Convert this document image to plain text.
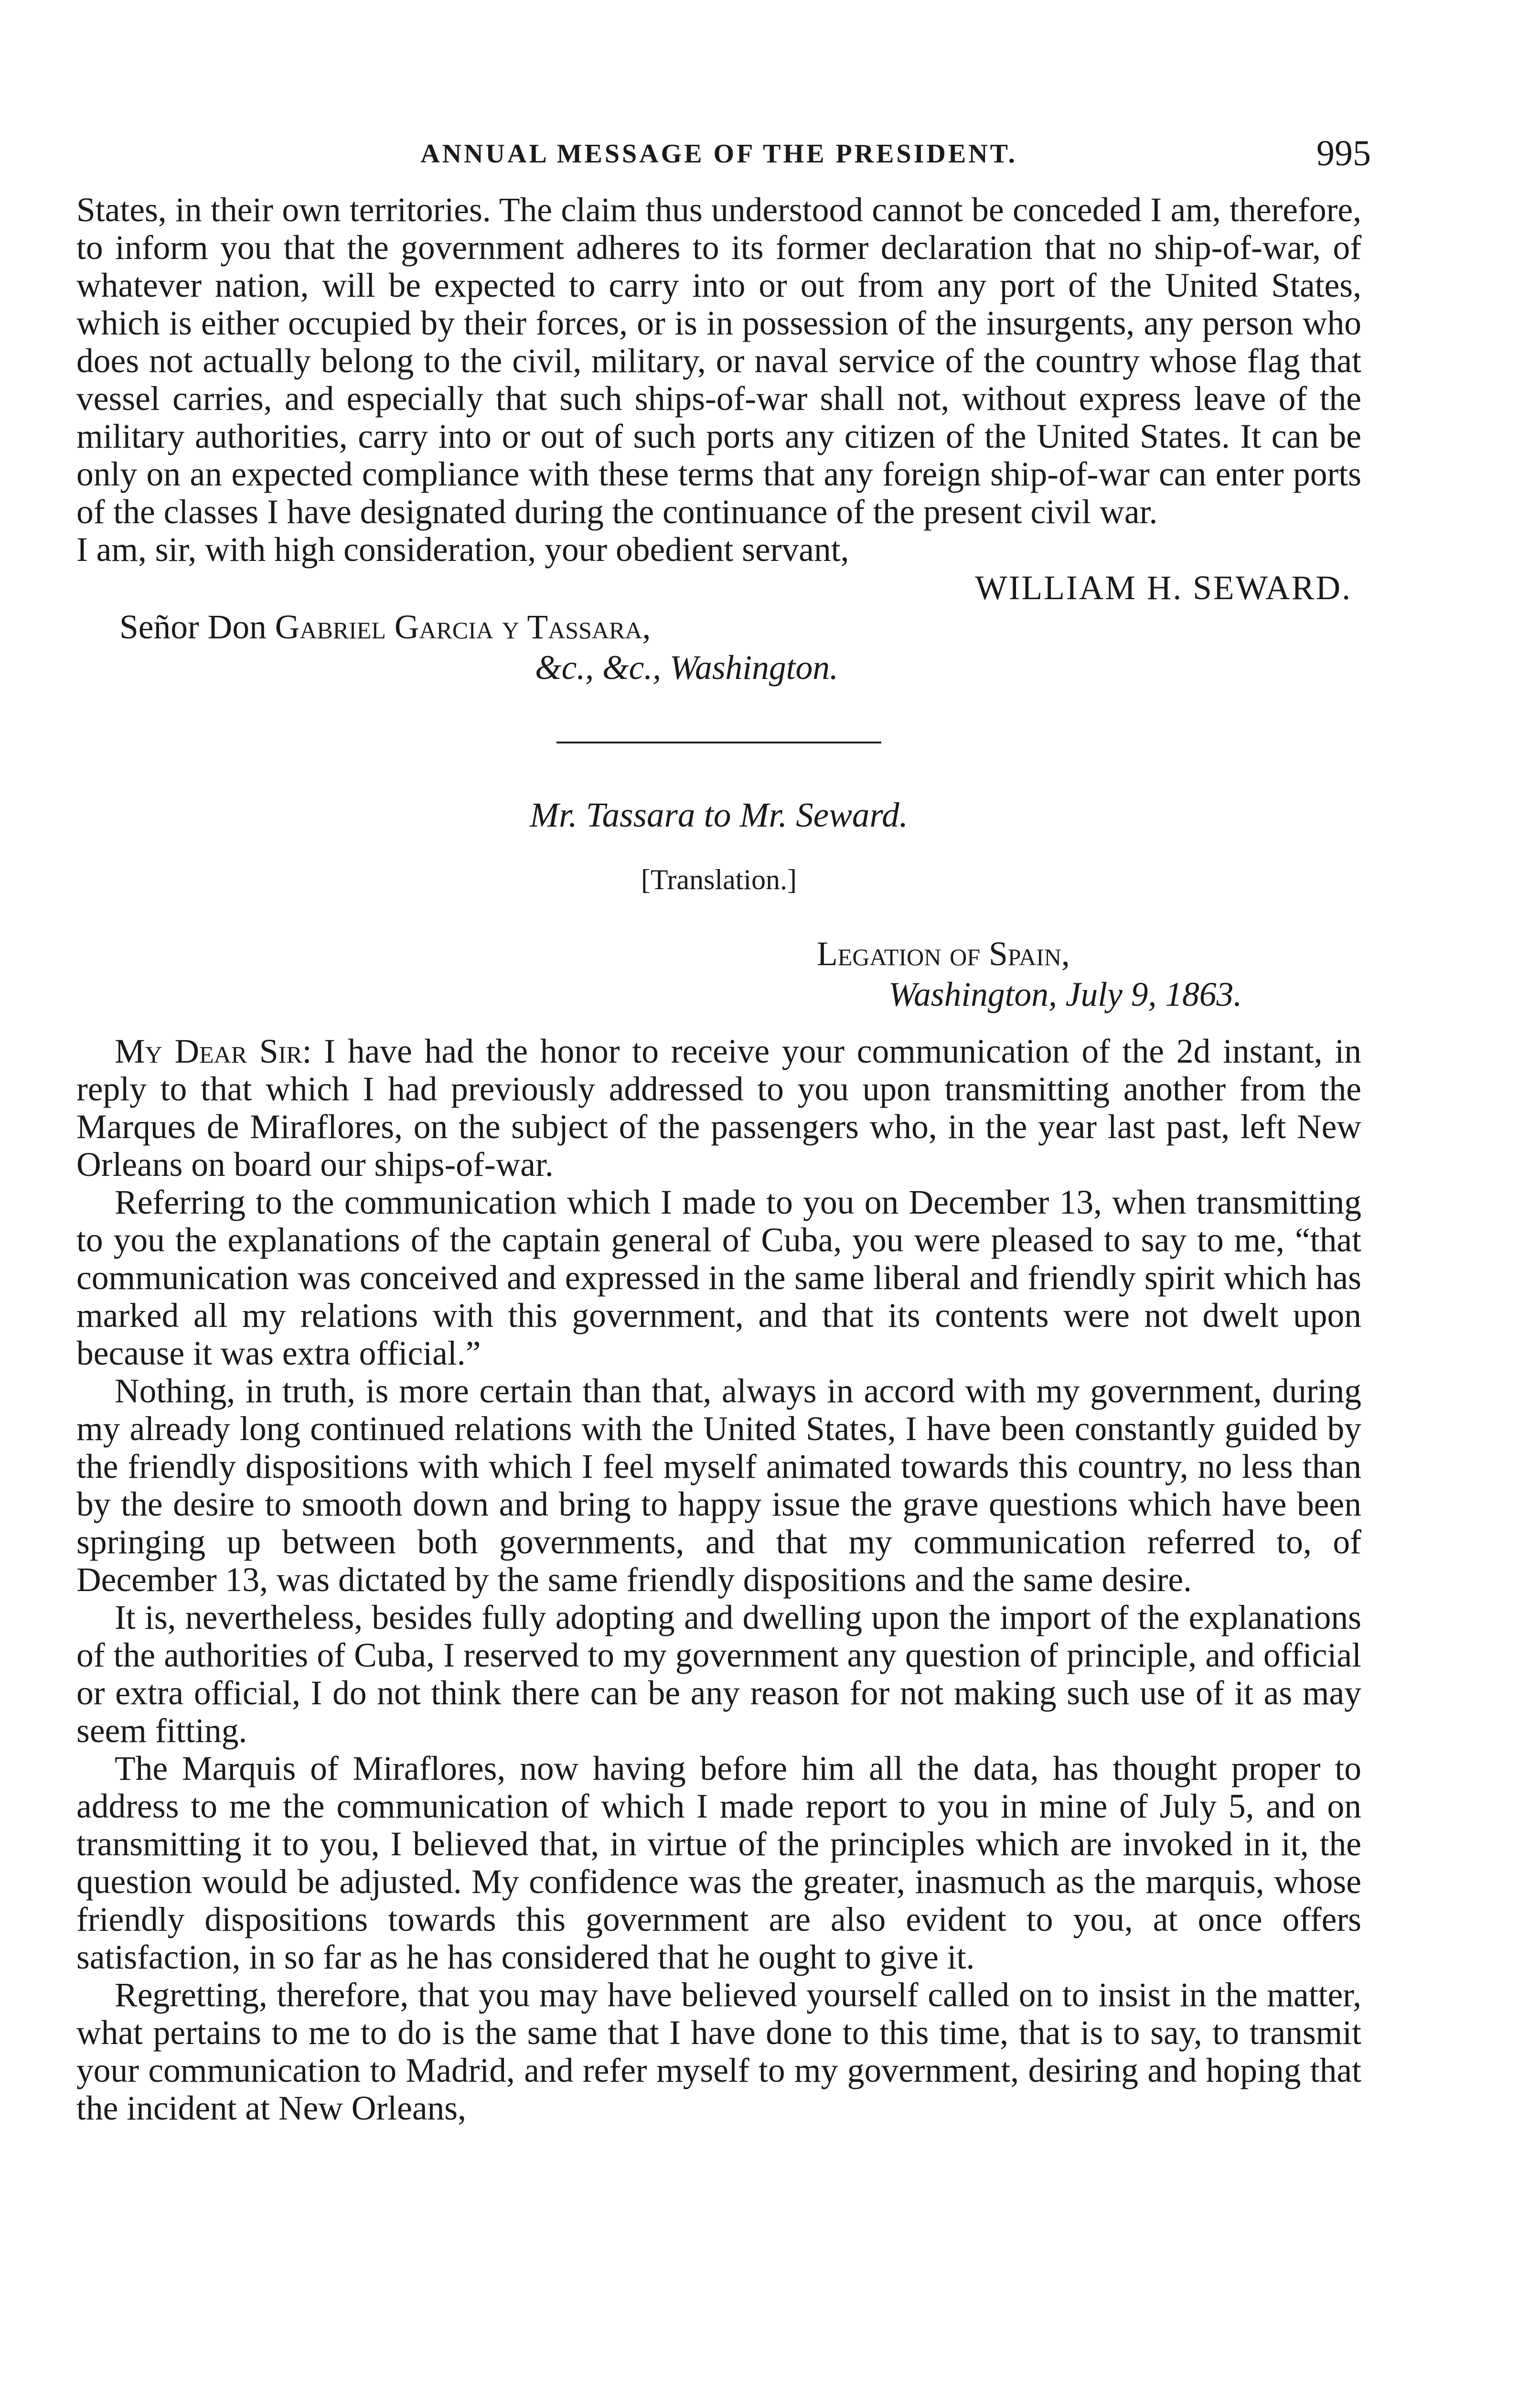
ANNUAL MESSAGE OF THE PRESIDENT.	995

States, in their own territories. The claim thus understood cannot be conceded I am, therefore, to inform you that the government adheres to its former declaration that no ship-of-war, of whatever nation, will be expected to carry into or out from any port of the United States, which is either occupied by their forces, or is in possession of the insurgents, any person who does not actually belong to the civil, military, or naval service of the country whose flag that vessel carries, and especially that such ships-of-war shall not, without express leave of the military authorities, carry into or out of such ports any citizen of the United States. It can be only on an expected compliance with these terms that any foreign ship-of-war can enter ports of the classes I have designated during the continuance of the present civil war.

I am, sir, with high consideration, your obedient servant,

WILLIAM H. SEWARD.
Señor Don Gabriel Garcia y Tassara,
&c., &c., Washington.
Mr. Tassara to Mr. Seward.
[Translation.]
Legation of Spain,
Washington, July 9, 1863.

My Dear Sir: I have had the honor to receive your communication of the 2d instant, in reply to that which I had previously addressed to you upon transmitting another from the Marques de Miraflores, on the subject of the passengers who, in the year last past, left New Orleans on board our ships-of-war.

Referring to the communication which I made to you on December 13, when transmitting to you the explanations of the captain general of Cuba, you were pleased to say to me, “that communication was conceived and expressed in the same liberal and friendly spirit which has marked all my relations with this government, and that its contents were not dwelt upon because it was extra official.”

Nothing, in truth, is more certain than that, always in accord with my government, during my already long continued relations with the United States, I have been constantly guided by the friendly dispositions with which I feel myself animated towards this country, no less than by the desire to smooth down and bring to happy issue the grave questions which have been springing up between both governments, and that my communication referred to, of December 13, was dictated by the same friendly dispositions and the same desire.

It is, nevertheless, besides fully adopting and dwelling upon the import of the explanations of the authorities of Cuba, I reserved to my government any question of principle, and official or extra official, I do not think there can be any reason for not making such use of it as may seem fitting.

The Marquis of Miraflores, now having before him all the data, has thought proper to address to me the communication of which I made report to you in mine of July 5, and on transmitting it to you, I believed that, in virtue of the principles which are invoked in it, the question would be adjusted. My confidence was the greater, inasmuch as the marquis, whose friendly dispositions towards this government are also evident to you, at once offers satisfaction, in so far as he has considered that he ought to give it.

Regretting, therefore, that you may have believed yourself called on to insist in the matter, what pertains to me to do is the same that I have done to this time, that is to say, to transmit your communication to Madrid, and refer myself to my government, desiring and hoping that the incident at New Orleans,
